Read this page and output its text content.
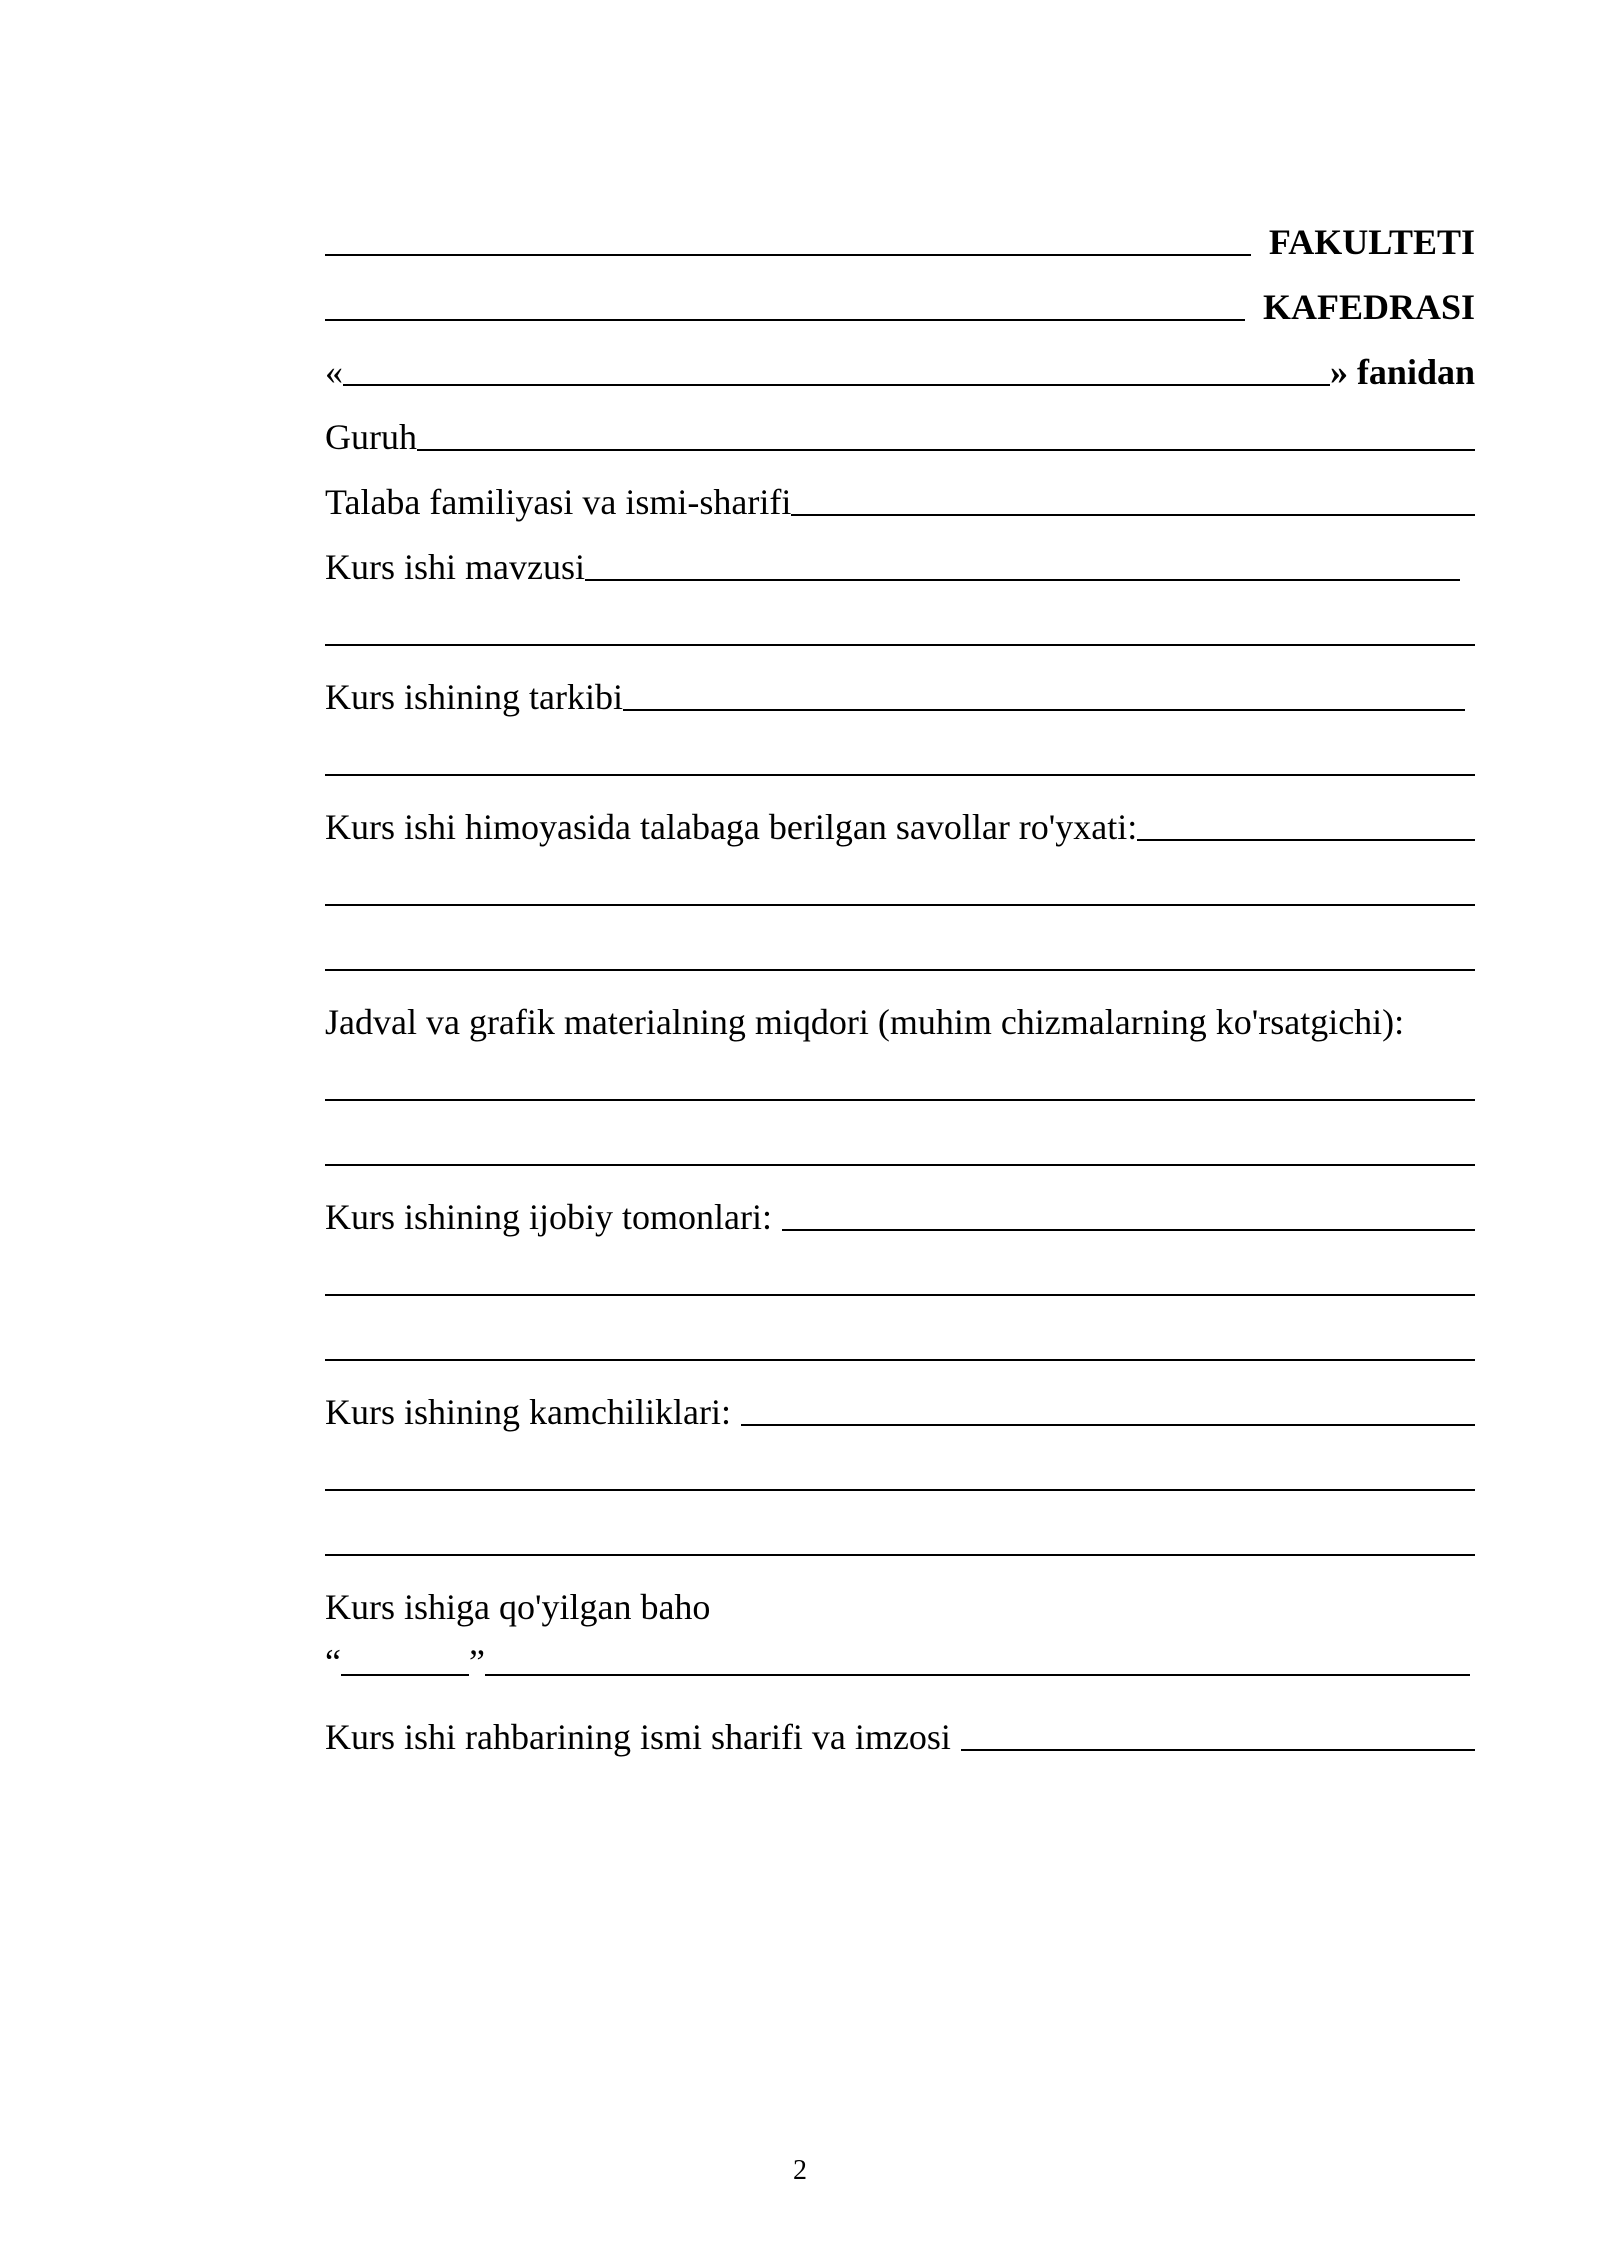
FAKULTETI
KAFEDRASI
«	» fanidan
Guruh
Talaba familiyasi va ismi-sharifi
Kurs ishi mavzusi
Kurs ishining tarkibi
Kurs ishi himoyasida talabaga berilgan savollar ro'yxati:
Jadval va grafik materialning miqdori (muhim chizmalarning ko'rsatgichi):
Kurs ishining ijobiy tomonlari:
Kurs ishining kamchiliklari:
Kurs ishiga qo'yilgan baho
“	”
Kurs ishi rahbarining ismi sharifi va imzosi
2
